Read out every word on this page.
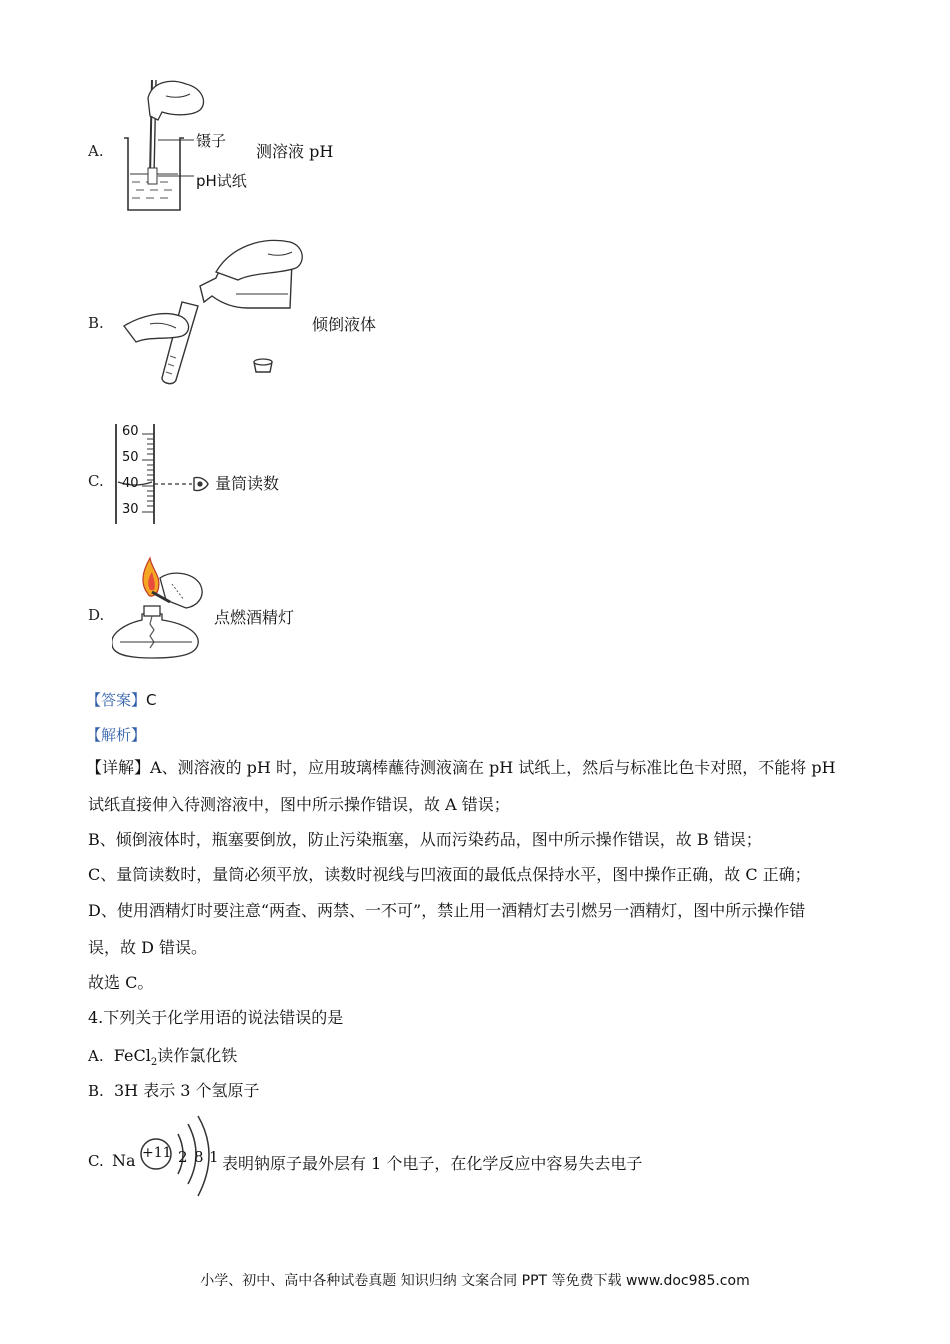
A.
镊子
pH试纸
测溶液 pH
B.	倾倒液体
C.
60
50
40
30
量筒读数
D.	点燃酒精灯
【答案】C
【解析】
【详解】A、测溶液的 pH 时，应用玻璃棒蘸待测液滴在 pH 试纸上，然后与标准比色卡对照，不能将 pH
试纸直接伸入待测溶液中，图中所示操作错误，故 A 错误；
B、倾倒液体时，瓶塞要倒放，防止污染瓶塞，从而污染药品，图中所示操作错误，故 B 错误；
C、量筒读数时，量筒必须平放，读数时视线与凹液面的最低点保持水平，图中操作正确，故 C 正确；
D、使用酒精灯时要注意“两查、两禁、一不可”，禁止用一酒精灯去引燃另一酒精灯，图中所示操作错
误，故 D 错误。
故选 C。
4.下列关于化学用语的说法错误的是
A. FeCl$_2$读作氯化铁
B. 3H 表示 3 个氢原子
C. Na +11 2 8 1 表明钠原子最外层有 1 个电子，在化学反应中容易失去电子
小学、初中、高中各种试卷真题 知识归纳 文案合同 PPT 等免费下载 www.doc985.com
